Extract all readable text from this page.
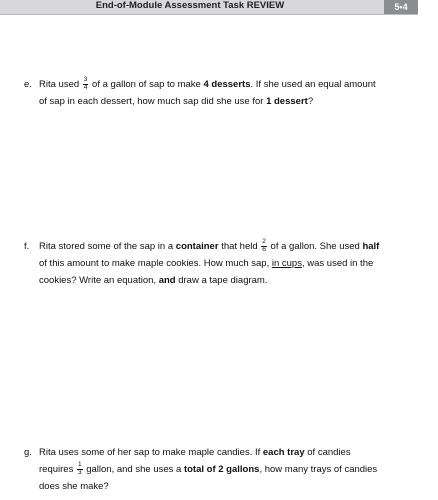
End-of-Module Assessment Task REVIEW	5•4
e. Rita used $\frac{3}{4}$ of a gallon of sap to make 4 desserts. If she used an equal amount
of sap in each dessert, how much sap did she use for 1 dessert?
f. Rita stored some of the sap in a container that held $\frac{2}{6}$ of a gallon. She used half
of this amount to make maple cookies. How much sap, in cups, was used in the
cookies? Write an equation, and draw a tape diagram.
g. Rita uses some of her sap to make maple candies. If each tray of candies
requires $\frac{1}{3}$ gallon, and she uses a total of 2 gallons, how many trays of candies
does she make?
